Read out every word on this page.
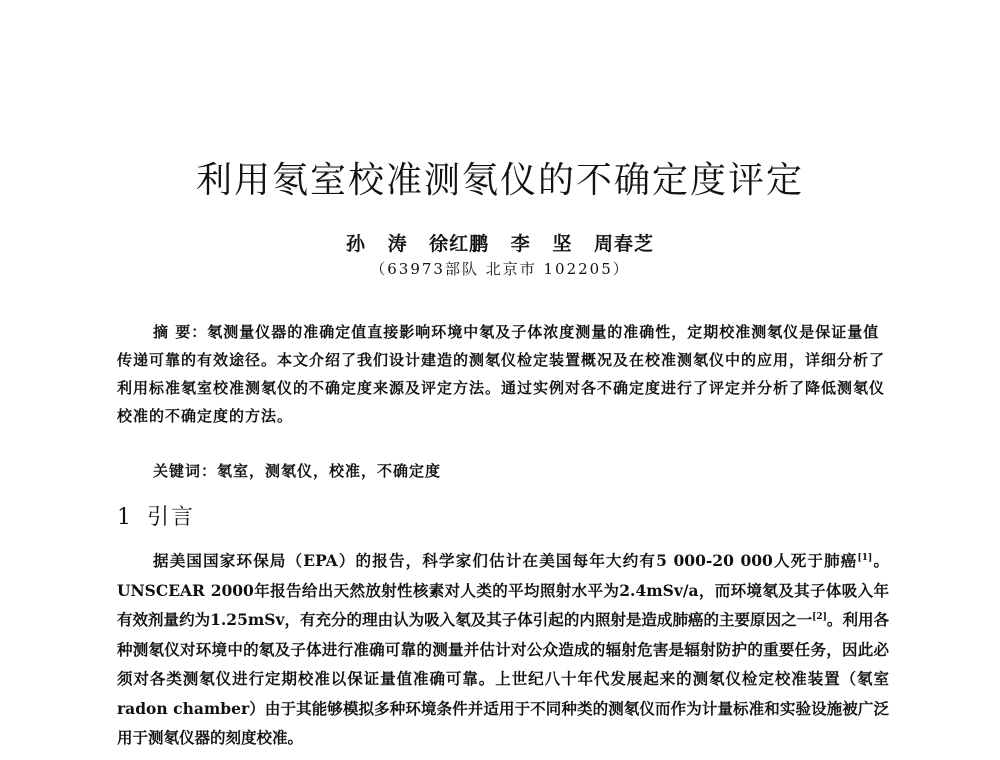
利用氡室校准测氡仪的不确定度评定
孙 涛 徐红鹏 李 坚 周春芝
（63973部队 北京市 102205）

摘 要：氡测量仪器的准确定值直接影响环境中氡及子体浓度测量的准确性，定期校准测氡仪是保证量值传递可靠的有效途径。本文介绍了我们设计建造的测氡仪检定装置概况及在校准测氡仪中的应用，详细分析了利用标准氡室校准测氡仪的不确定度来源及评定方法。通过实例对各不确定度进行了评定并分析了降低测氡仪校准的不确定度的方法。

关键词：氡室，测氡仪，校准，不确定度
1 引言

据美国国家环保局（EPA）的报告，科学家们估计在美国每年大约有5 000-20 000人死于肺癌[1]。UNSCEAR 2000年报告给出天然放射性核素对人类的平均照射水平为2.4mSv/a，而环境氡及其子体吸入年有效剂量约为1.25mSv，有充分的理由认为吸入氡及其子体引起的内照射是造成肺癌的主要原因之一[2]。利用各种测氡仪对环境中的氡及子体进行准确可靠的测量并估计对公众造成的辐射危害是辐射防护的重要任务，因此必须对各类测氡仪进行定期校准以保证量值准确可靠。上世纪八十年代发展起来的测氡仪检定校准装置（氡室radon chamber）由于其能够模拟多种环境条件并适用于不同种类的测氡仪而作为计量标准和实验设施被广泛用于测氡仪器的刻度校准。
